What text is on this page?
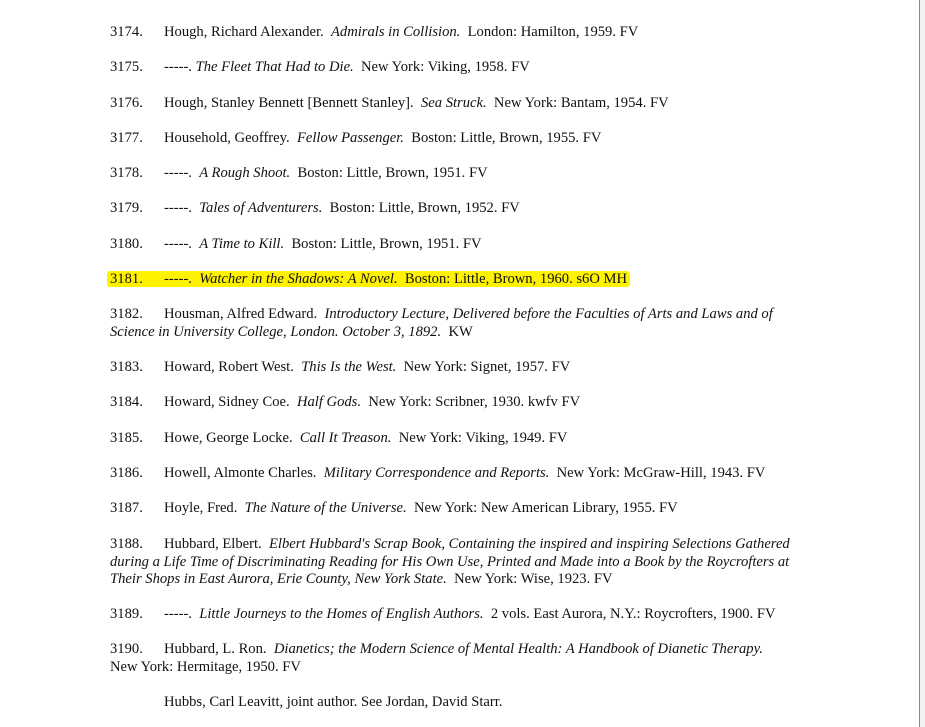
3174. Hough, Richard Alexander. Admirals in Collision. London: Hamilton, 1959. FV
3175. -----. The Fleet That Had to Die. New York: Viking, 1958. FV
3176. Hough, Stanley Bennett [Bennett Stanley]. Sea Struck. New York: Bantam, 1954. FV
3177. Household, Geoffrey. Fellow Passenger. Boston: Little, Brown, 1955. FV
3178. -----. A Rough Shoot. Boston: Little, Brown, 1951. FV
3179. -----. Tales of Adventurers. Boston: Little, Brown, 1952. FV
3180. -----. A Time to Kill. Boston: Little, Brown, 1951. FV
3181. -----. Watcher in the Shadows: A Novel. Boston: Little, Brown, 1960. s6O MH
3182. Housman, Alfred Edward. Introductory Lecture, Delivered before the Faculties of Arts and Laws and of Science in University College, London. October 3, 1892. KW
3183. Howard, Robert West. This Is the West. New York: Signet, 1957. FV
3184. Howard, Sidney Coe. Half Gods. New York: Scribner, 1930. kwfv FV
3185. Howe, George Locke. Call It Treason. New York: Viking, 1949. FV
3186. Howell, Almonte Charles. Military Correspondence and Reports. New York: McGraw-Hill, 1943. FV
3187. Hoyle, Fred. The Nature of the Universe. New York: New American Library, 1955. FV
3188. Hubbard, Elbert. Elbert Hubbard's Scrap Book, Containing the inspired and inspiring Selections Gathered during a Life Time of Discriminating Reading for His Own Use, Printed and Made into a Book by the Roycrofters at Their Shops in East Aurora, Erie County, New York State. New York: Wise, 1923. FV
3189. -----. Little Journeys to the Homes of English Authors. 2 vols. East Aurora, N.Y.: Roycrofters, 1900. FV
3190. Hubbard, L. Ron. Dianetics; the Modern Science of Mental Health: A Handbook of Dianetic Therapy.
New York: Hermitage, 1950. FV
Hubbs, Carl Leavitt, joint author. See Jordan, David Starr.
